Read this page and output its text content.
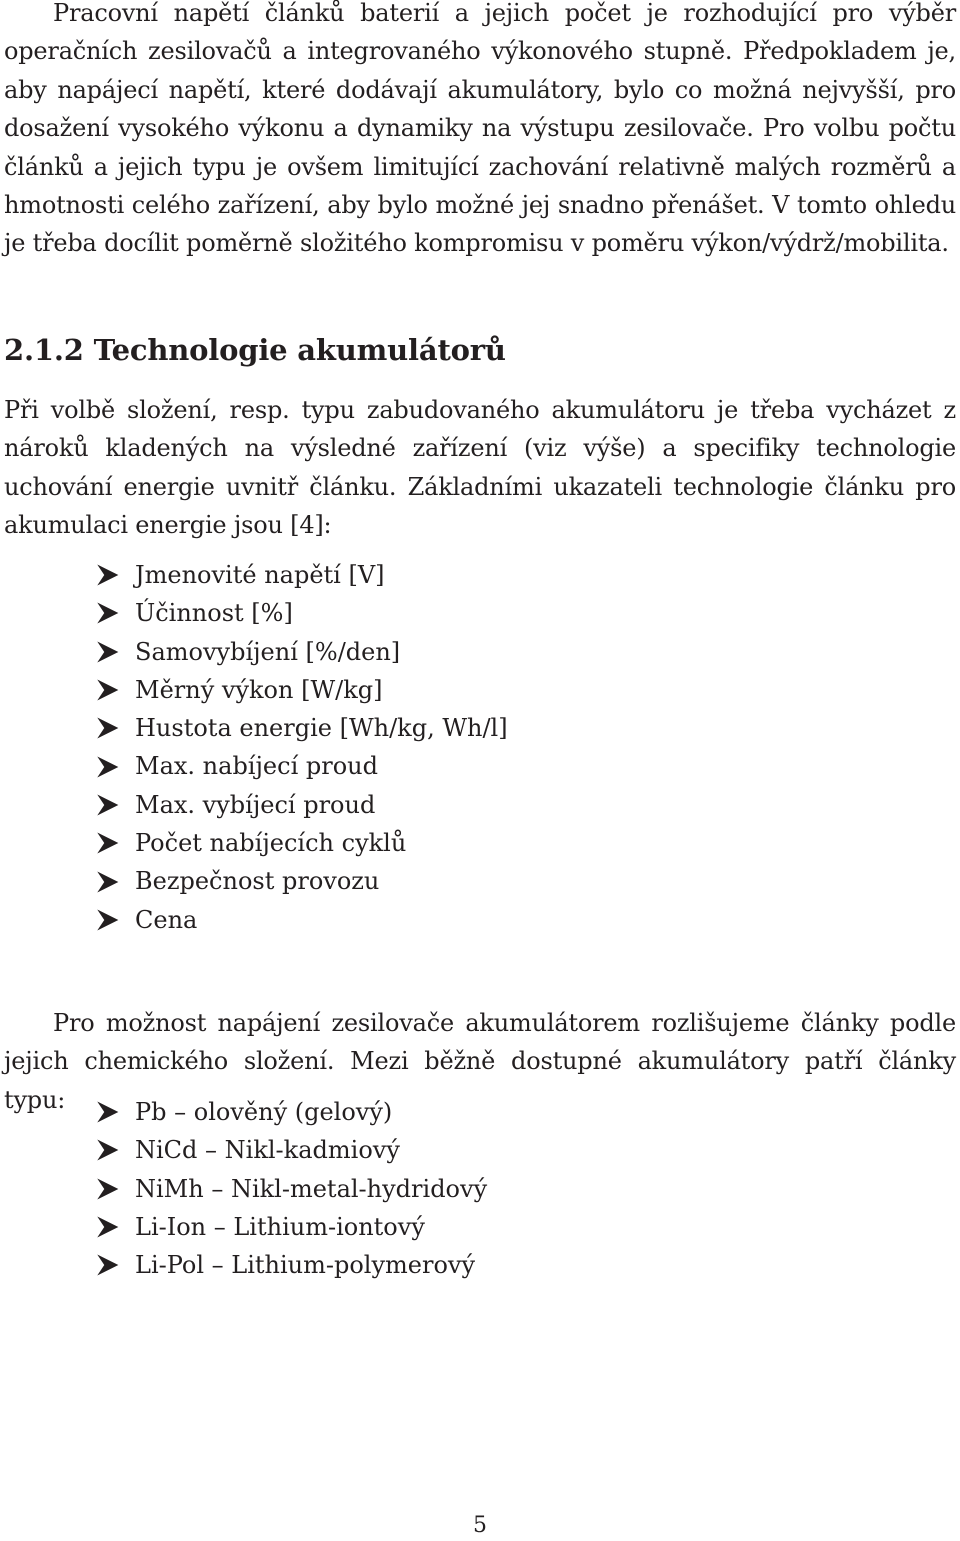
Pracovní napětí článků baterií a jejich počet je rozhodující pro výběr operačních zesilovačů a integrovaného výkonového stupně. Předpokladem je, aby napájecí napětí, které dodávají akumulátory, bylo co možná nejvyšší, pro dosažení vysokého výkonu a dynamiky na výstupu zesilovače. Pro volbu počtu článků a jejich typu je ovšem limitující zachování relativně malých rozměrů a hmotnosti celého zařízení, aby bylo možné jej snadno přenášet. V tomto ohledu je třeba docílit poměrně složitého kompromisu v poměru výkon/výdrž/mobilita.

2.1.2 Technologie akumulátorů

Při volbě složení, resp. typu zabudovaného akumulátoru je třeba vycházet z nároků kladených na výsledné zařízení (viz výše) a specifiky technologie uchování energie uvnitř článku. Základními ukazateli technologie článku pro akumulaci energie jsou [4]:

Jmenovité napětí [V]
Účinnost [%]
Samovybíjení [%/den]
Měrný výkon [W/kg]
Hustota energie [Wh/kg, Wh/l]
Max. nabíjecí proud
Max. vybíjecí proud
Počet nabíjecích cyklů
Bezpečnost provozu
Cena

Pro možnost napájení zesilovače akumulátorem rozlišujeme články podle jejich chemického složení. Mezi běžně dostupné akumulátory patří články typu:	Pb – olověný (gelový)
NiCd – Nikl-kadmiový
NiMh – Nikl-metal-hydridový
Li-Ion – Lithium-iontový
Li-Pol – Lithium-polymerový

5
